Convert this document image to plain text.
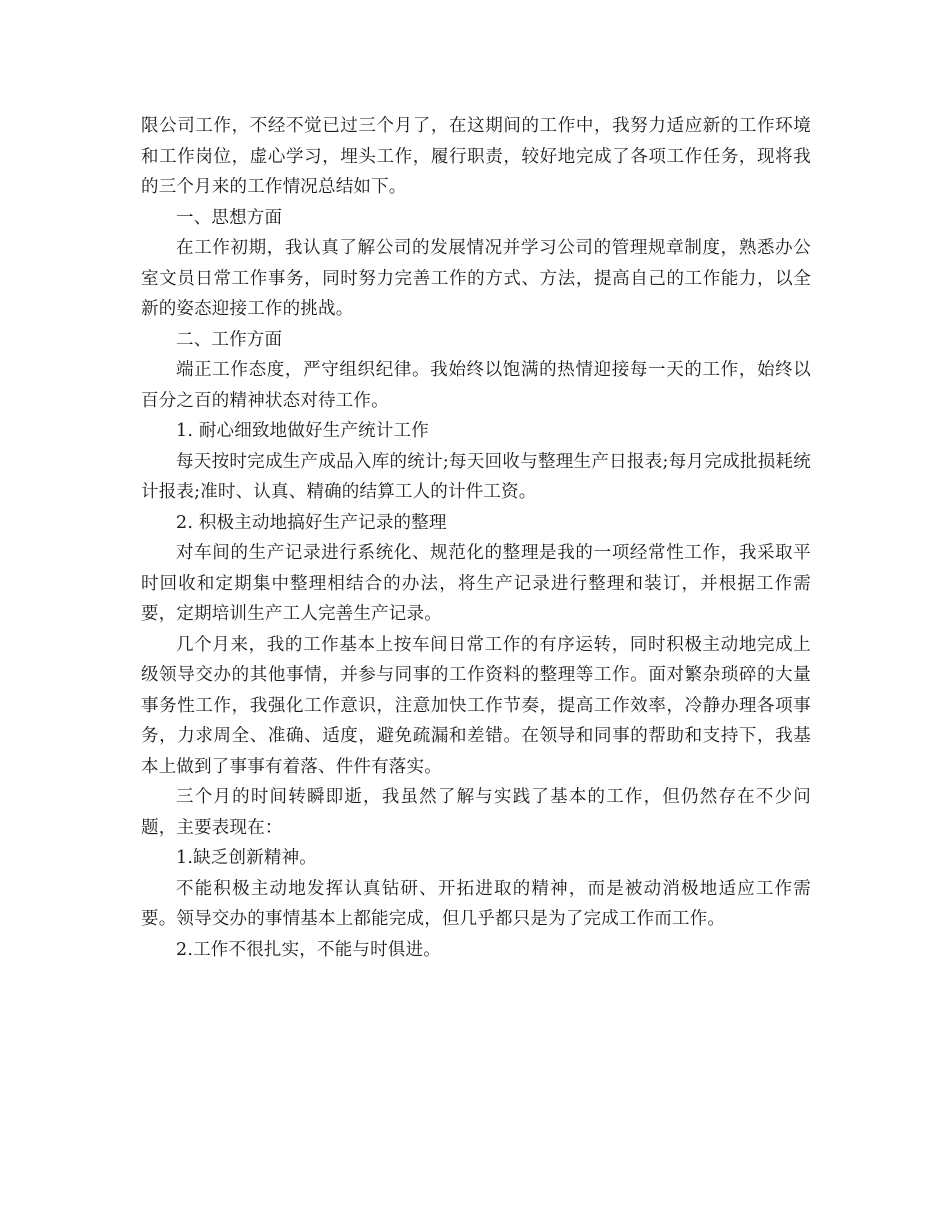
限公司工作，不经不觉已过三个月了，在这期间的工作中，我努力适应新的工作环境和工作岗位，虚心学习，埋头工作，履行职责，较好地完成了各项工作任务，现将我的三个月来的工作情况总结如下。

一、思想方面

在工作初期，我认真了解公司的发展情况并学习公司的管理规章制度，熟悉办公室文员日常工作事务，同时努力完善工作的方式、方法，提高自己的工作能力，以全新的姿态迎接工作的挑战。

二、工作方面

端正工作态度，严守组织纪律。我始终以饱满的热情迎接每一天的工作，始终以百分之百的精神状态对待工作。

1. 耐心细致地做好生产统计工作

每天按时完成生产成品入库的统计;每天回收与整理生产日报表;每月完成批损耗统计报表;准时、认真、精确的结算工人的计件工资。

2. 积极主动地搞好生产记录的整理

对车间的生产记录进行系统化、规范化的整理是我的一项经常性工作，我采取平时回收和定期集中整理相结合的办法，将生产记录进行整理和装订，并根据工作需要，定期培训生产工人完善生产记录。

几个月来，我的工作基本上按车间日常工作的有序运转，同时积极主动地完成上级领导交办的其他事情，并参与同事的工作资料的整理等工作。面对繁杂琐碎的大量事务性工作，我强化工作意识，注意加快工作节奏，提高工作效率，冷静办理各项事务，力求周全、准确、适度，避免疏漏和差错。在领导和同事的帮助和支持下，我基本上做到了事事有着落、件件有落实。

三个月的时间转瞬即逝，我虽然了解与实践了基本的工作，但仍然存在不少问题，主要表现在：

1.缺乏创新精神。

不能积极主动地发挥认真钻研、开拓进取的精神，而是被动消极地适应工作需要。领导交办的事情基本上都能完成，但几乎都只是为了完成工作而工作。

2.工作不很扎实，不能与时俱进。
